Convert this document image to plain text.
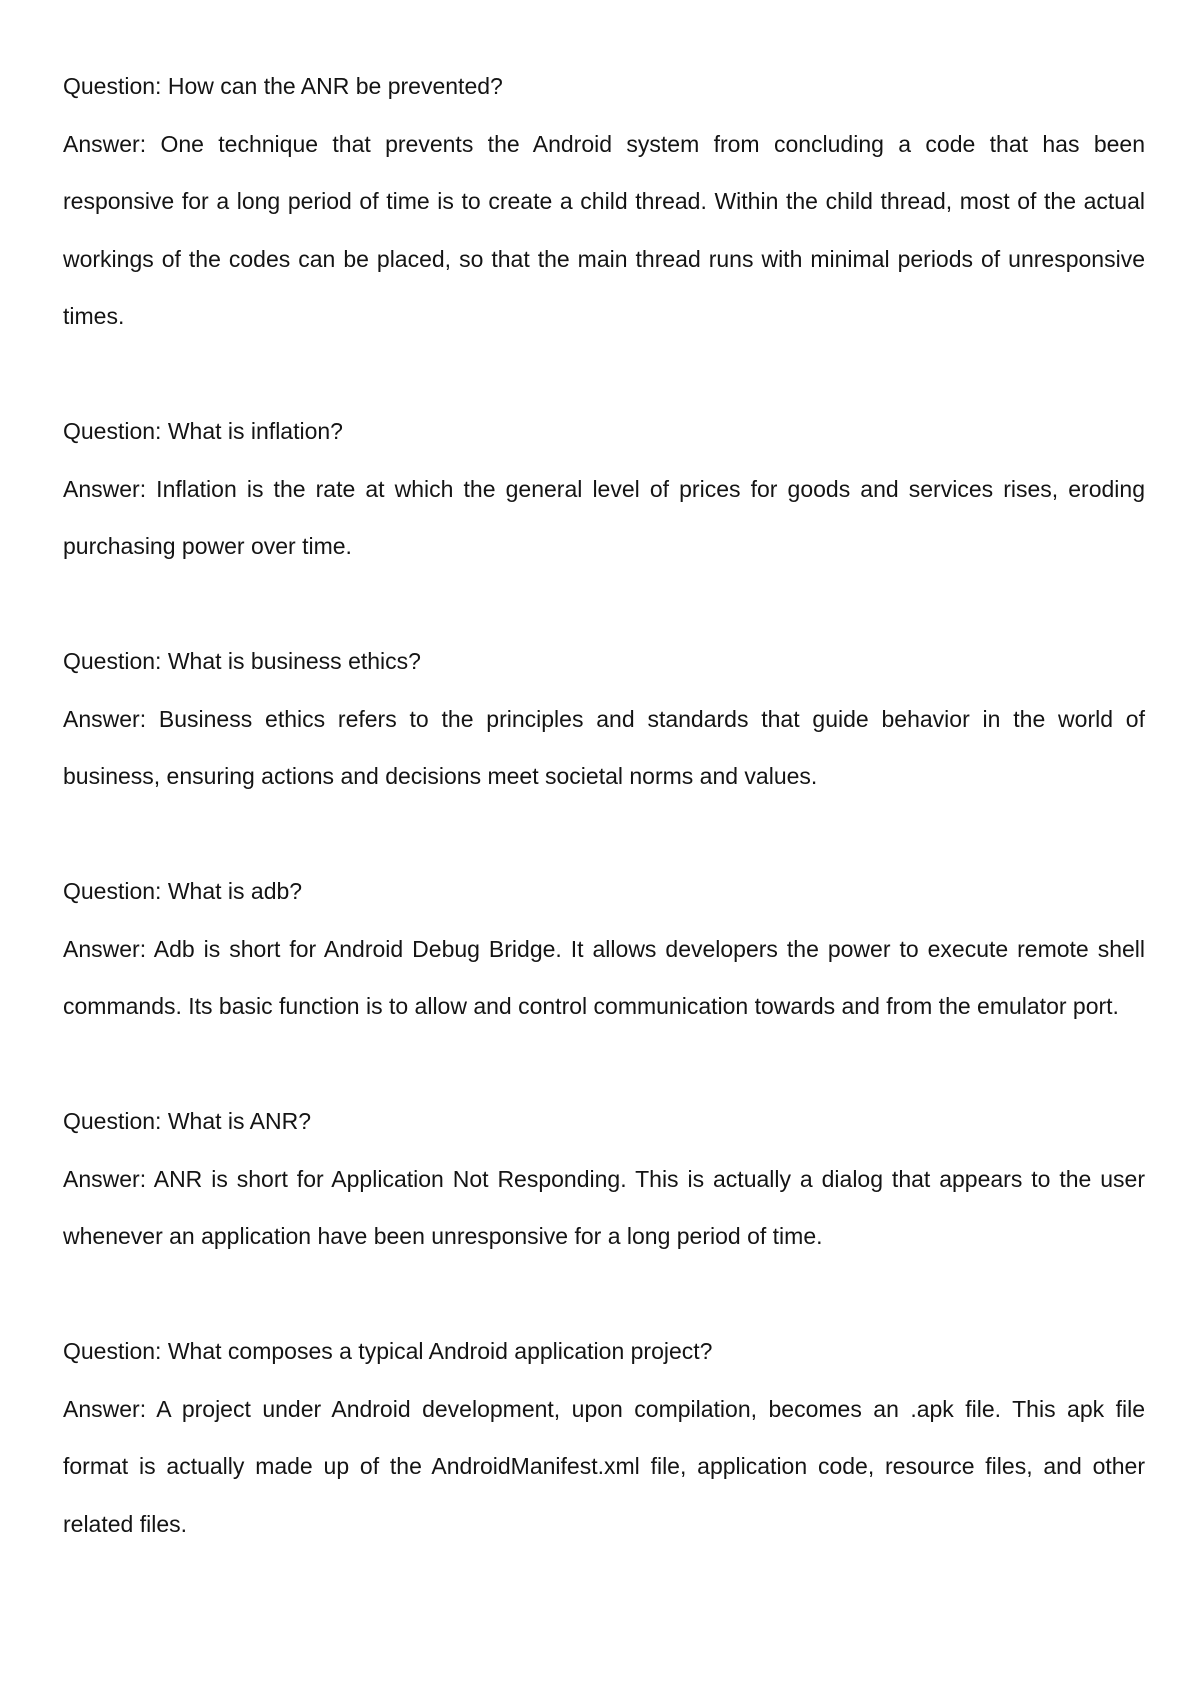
Question: How can the ANR be prevented?

Answer: One technique that prevents the Android system from concluding a code that has been responsive for a long period of time is to create a child thread. Within the child thread, most of the actual workings of the codes can be placed, so that the main thread runs with minimal periods of unresponsive times.

Question: What is inflation?

Answer: Inflation is the rate at which the general level of prices for goods and services rises, eroding purchasing power over time.

Question: What is business ethics?

Answer: Business ethics refers to the principles and standards that guide behavior in the world of business, ensuring actions and decisions meet societal norms and values.

Question: What is adb?

Answer: Adb is short for Android Debug Bridge. It allows developers the power to execute remote shell commands. Its basic function is to allow and control communication towards and from the emulator port.

Question: What is ANR?

Answer: ANR is short for Application Not Responding. This is actually a dialog that appears to the user whenever an application have been unresponsive for a long period of time.

Question: What composes a typical Android application project?

Answer: A project under Android development, upon compilation, becomes an .apk file. This apk file format is actually made up of the AndroidManifest.xml file, application code, resource files, and other related files.
